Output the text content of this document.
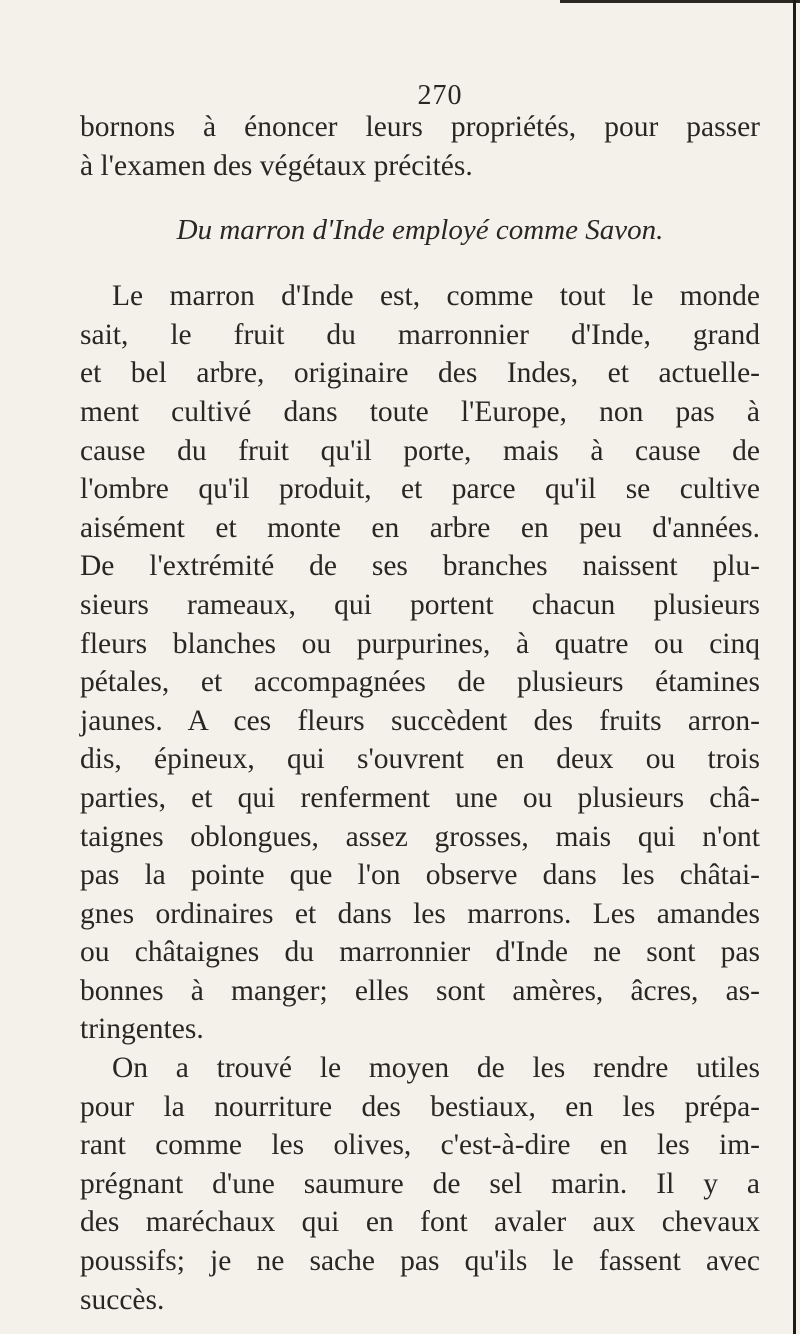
270
bornons à énoncer leurs propriétés, pour passer
à l'examen des végétaux précités.
Du marron d'Inde employé comme Savon.
Le marron d'Inde est, comme tout le monde
sait, le fruit du marronnier d'Inde, grand
et bel arbre, originaire des Indes, et actuelle-
ment cultivé dans toute l'Europe, non pas à
cause du fruit qu'il porte, mais à cause de
l'ombre qu'il produit, et parce qu'il se cultive
aisément et monte en arbre en peu d'années.
De l'extrémité de ses branches naissent plu-
sieurs rameaux, qui portent chacun plusieurs
fleurs blanches ou purpurines, à quatre ou cinq
pétales, et accompagnées de plusieurs étamines
jaunes. A ces fleurs succèdent des fruits arron-
dis, épineux, qui s'ouvrent en deux ou trois
parties, et qui renferment une ou plusieurs châ-
taignes oblongues, assez grosses, mais qui n'ont
pas la pointe que l'on observe dans les châtai-
gnes ordinaires et dans les marrons. Les amandes
ou châtaignes du marronnier d'Inde ne sont pas
bonnes à manger; elles sont amères, âcres, as-
tringentes.
On a trouvé le moyen de les rendre utiles
pour la nourriture des bestiaux, en les prépa-
rant comme les olives, c'est-à-dire en les im-
prégnant d'une saumure de sel marin. Il y a
des maréchaux qui en font avaler aux chevaux
poussifs; je ne sache pas qu'ils le fassent avec
succès.
